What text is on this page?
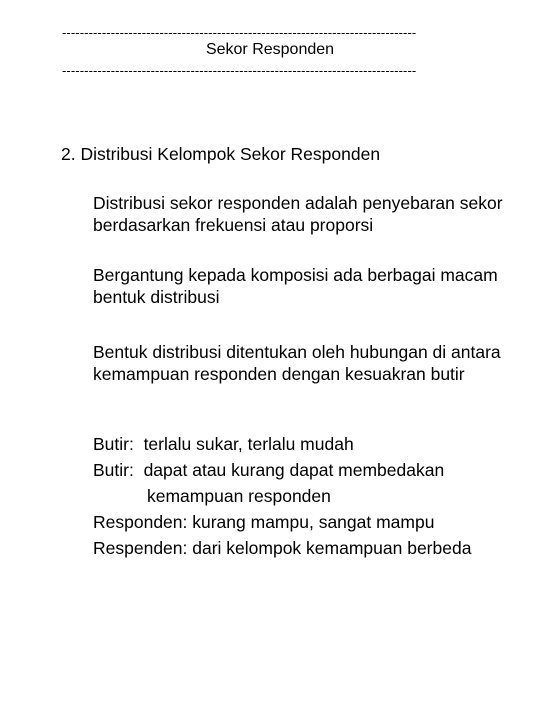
--------------------------------------------------------------------------------
Sekor Responden
--------------------------------------------------------------------------------
2. Distribusi Kelompok Sekor Responden
Distribusi sekor responden adalah penyebaran sekor berdasarkan frekuensi atau proporsi
Bergantung kepada komposisi ada berbagai macam bentuk distribusi
Bentuk distribusi ditentukan oleh hubungan di antara kemampuan responden dengan kesuakran butir
Butir:  terlalu sukar, terlalu mudah
Butir:  dapat atau kurang dapat membedakan
kemampuan responden
Responden: kurang mampu, sangat mampu
Respenden: dari kelompok kemampuan berbeda
